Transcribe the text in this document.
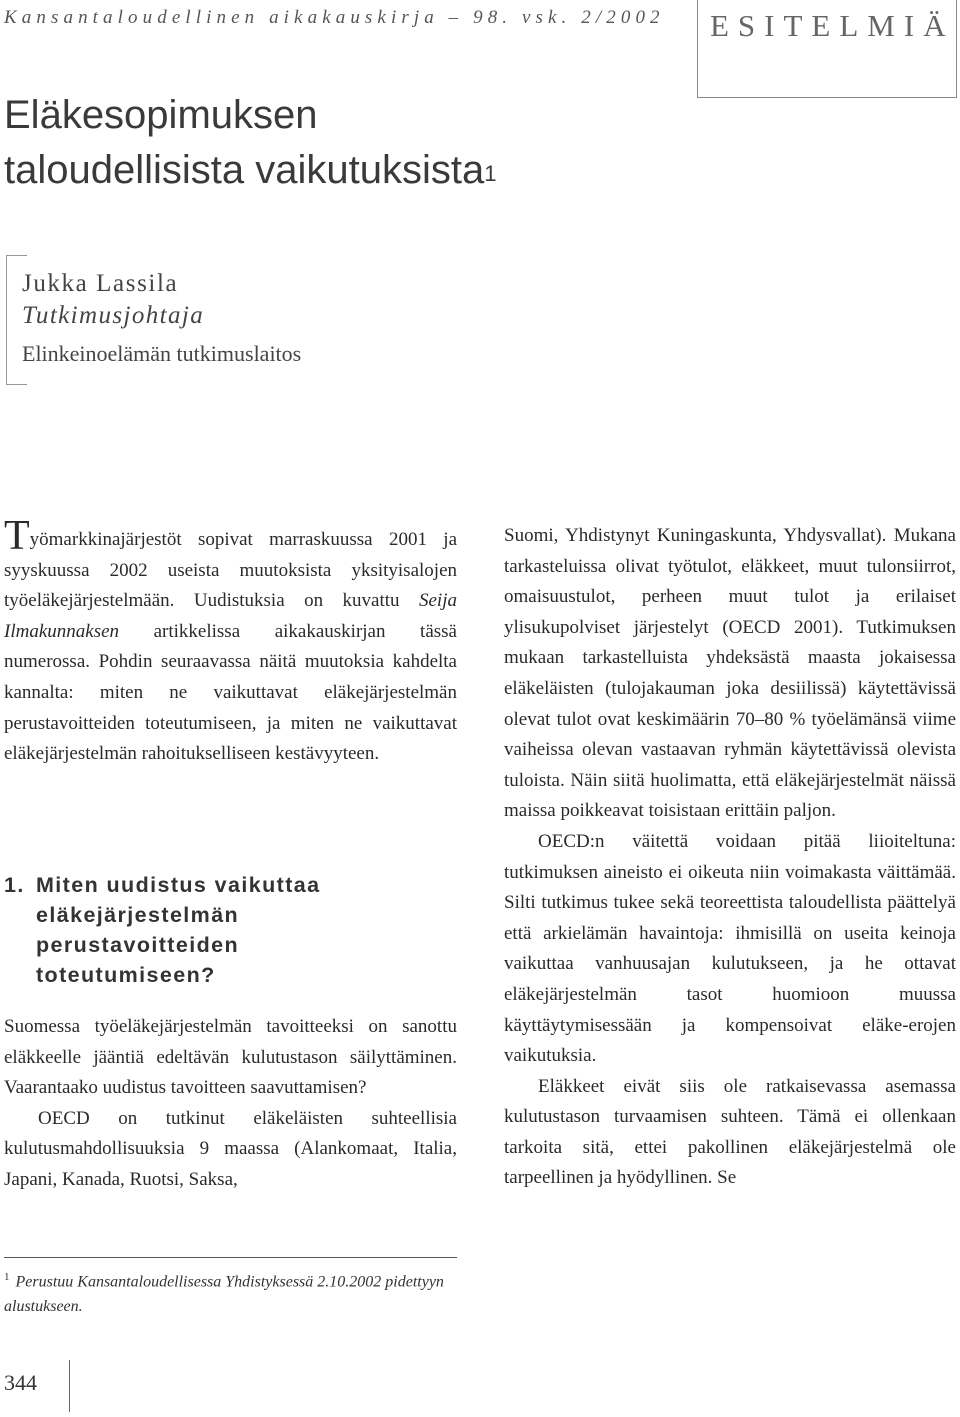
Kansantaloudellinen aikakauskirja – 98. vsk. 2/2002 ESITELMIÄ
Eläkesopimuksen
taloudellisista vaikutuksista$^1$
Jukka Lassila
Tutkimusjohtaja
Elinkeinoelämän tutkimuslaitos

Työmarkkinajärjestöt sopivat marraskuussa 2001 ja syyskuussa 2002 useista muutoksista yksityisalojen työeläkejärjestelmään. Uudistuksia on kuvattu Seija Ilmakunnaksen artikkelissa aikakauskirjan tässä numerossa. Pohdin seuraavassa näitä muutoksia kahdelta kannalta: miten ne vaikuttavat eläkejärjestelmän perustavoitteiden toteutumiseen, ja miten ne vaikuttavat eläkejärjestelmän rahoitukselliseen kestävyyteen.

1. Miten uudistus vaikuttaa
eläkejärjestelmän
perustavoitteiden
toteutumiseen?

Suomessa työeläkejärjestelmän tavoitteeksi on sanottu eläkkeelle jääntiä edeltävän kulutustason säilyttäminen. Vaarantaako uudistus tavoitteen saavuttamisen?

OECD on tutkinut eläkeläisten suhteellisia kulutusmahdollisuuksia 9 maassa (Alankomaat, Italia, Japani, Kanada, Ruotsi, Saksa,

$^1$ Perustuu Kansantaloudellisessa Yhdistyksessä 2.10.2002 pidettyyn alustukseen.

Suomi, Yhdistynyt Kuningaskunta, Yhdysvallat). Mukana tarkasteluissa olivat työtulot, eläkkeet, muut tulonsiirrot, omaisuustulot, perheen muut tulot ja erilaiset ylisukupolviset järjestelyt (OECD 2001). Tutkimuksen mukaan tarkastelluista yhdeksästä maasta jokaisessa eläkeläisten (tulojakauman joka desiilissä) käytettävissä olevat tulot ovat keskimäärin 70–80 % työelämänsä viime vaiheissa olevan vastaavan ryhmän käytettävissä olevista tuloista. Näin siitä huolimatta, että eläkejärjestelmät näissä maissa poikkeavat toisistaan erittäin paljon.

OECD:n väitettä voidaan pitää liioiteltuna: tutkimuksen aineisto ei oikeuta niin voimakasta väittämää. Silti tutkimus tukee sekä teoreettista taloudellista päättelyä että arkielämän havaintoja: ihmisillä on useita keinoja vaikuttaa vanhuusajan kulutukseen, ja he ottavat eläkejärjestelmän tasot huomioon muussa käyttäytymisessään ja kompensoivat eläke-erojen vaikutuksia.

Eläkkeet eivät siis ole ratkaisevassa asemassa kulutustason turvaamisen suhteen. Tämä ei ollenkaan tarkoita sitä, ettei pakollinen eläkejärjestelmä ole tarpeellinen ja hyödyllinen. Se

344
